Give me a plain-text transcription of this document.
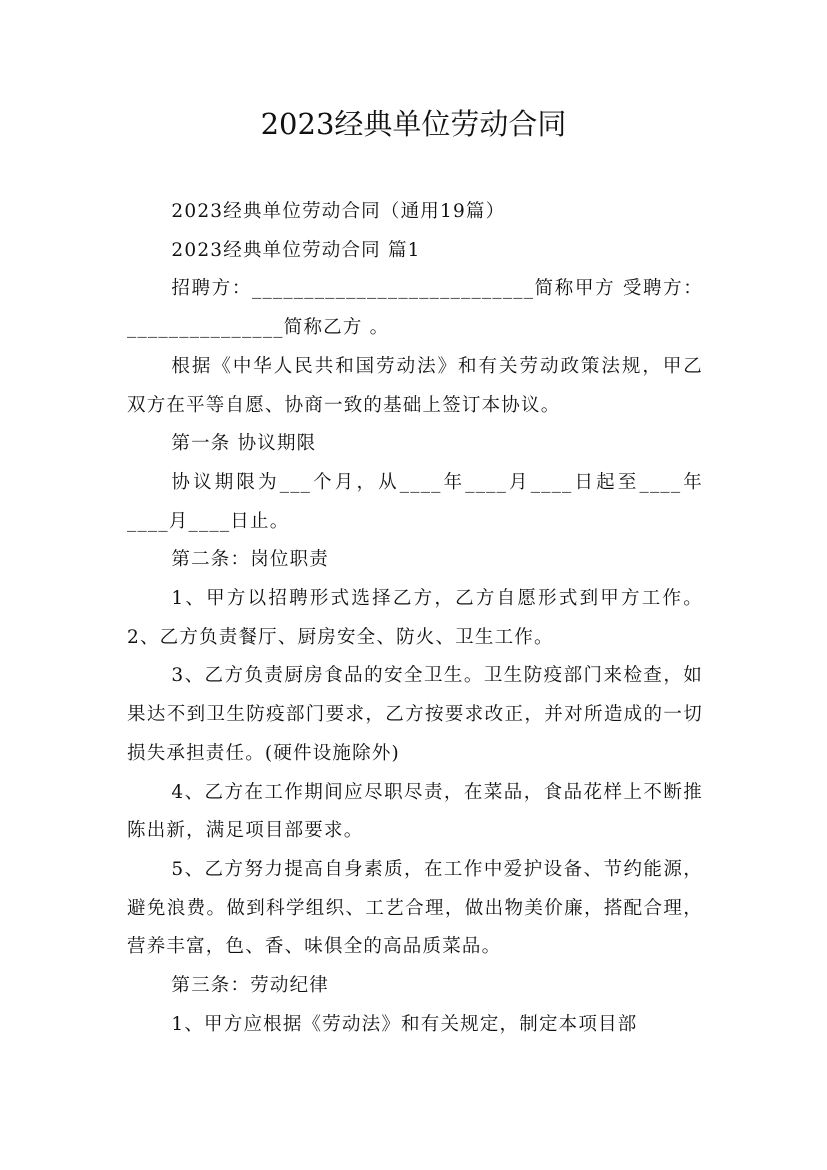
2023经典单位劳动合同

2023经典单位劳动合同（通用19篇）

2023经典单位劳动合同 篇1

招聘方：___________________________简称甲方 受聘方：_______________简称乙方 。

根据《中华人民共和国劳动法》和有关劳动政策法规，甲乙双方在平等自愿、协商一致的基础上签订本协议。

第一条 协议期限

协议期限为___个月，从____年____月____日起至____年____月____日止。

第二条：岗位职责

1、甲方以招聘形式选择乙方，乙方自愿形式到甲方工作。 2、乙方负责餐厅、厨房安全、防火、卫生工作。

3、乙方负责厨房食品的安全卫生。卫生防疫部门来检查，如果达不到卫生防疫部门要求，乙方按要求改正，并对所造成的一切损失承担责任。(硬件设施除外)

4、乙方在工作期间应尽职尽责，在菜品，食品花样上不断推陈出新，满足项目部要求。

5、乙方努力提高自身素质，在工作中爱护设备、节约能源，避免浪费。做到科学组织、工艺合理，做出物美价廉，搭配合理，营养丰富，色、香、味俱全的高品质菜品。

第三条：劳动纪律

1、甲方应根据《劳动法》和有关规定，制定本项目部
